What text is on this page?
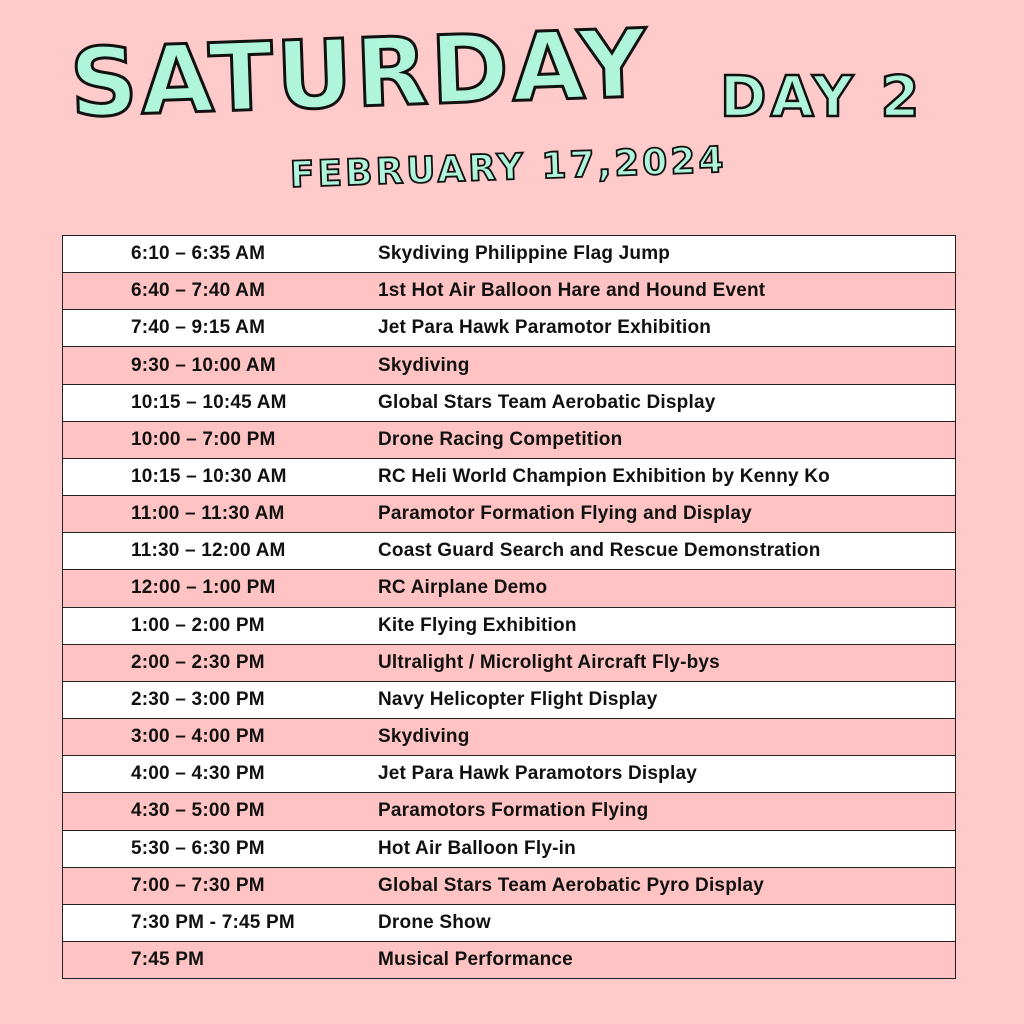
SATURDAY DAY 2
FEBRUARY 17,2024
6:10 – 6:35 AM	Skydiving Philippine Flag Jump
6:40 – 7:40 AM	1st Hot Air Balloon Hare and Hound Event
7:40 – 9:15 AM	Jet Para Hawk Paramotor Exhibition
9:30 – 10:00 AM	Skydiving
10:15 – 10:45 AM	Global Stars Team Aerobatic Display
10:00 – 7:00 PM	Drone Racing Competition
10:15 – 10:30 AM	RC Heli World Champion Exhibition by Kenny Ko
11:00 – 11:30 AM	Paramotor Formation Flying and Display
11:30 – 12:00 AM	Coast Guard Search and Rescue Demonstration
12:00 – 1:00 PM	RC Airplane Demo
1:00 – 2:00 PM	Kite Flying Exhibition
2:00 – 2:30 PM	Ultralight / Microlight Aircraft Fly-bys
2:30 – 3:00 PM	Navy Helicopter Flight Display
3:00 – 4:00 PM	Skydiving
4:00 – 4:30 PM	Jet Para Hawk Paramotors Display
4:30 – 5:00 PM	Paramotors Formation Flying
5:30 – 6:30 PM	Hot Air Balloon Fly-in
7:00 – 7:30 PM	Global Stars Team Aerobatic Pyro Display
7:30 PM - 7:45 PM	Drone Show
7:45 PM	Musical Performance
